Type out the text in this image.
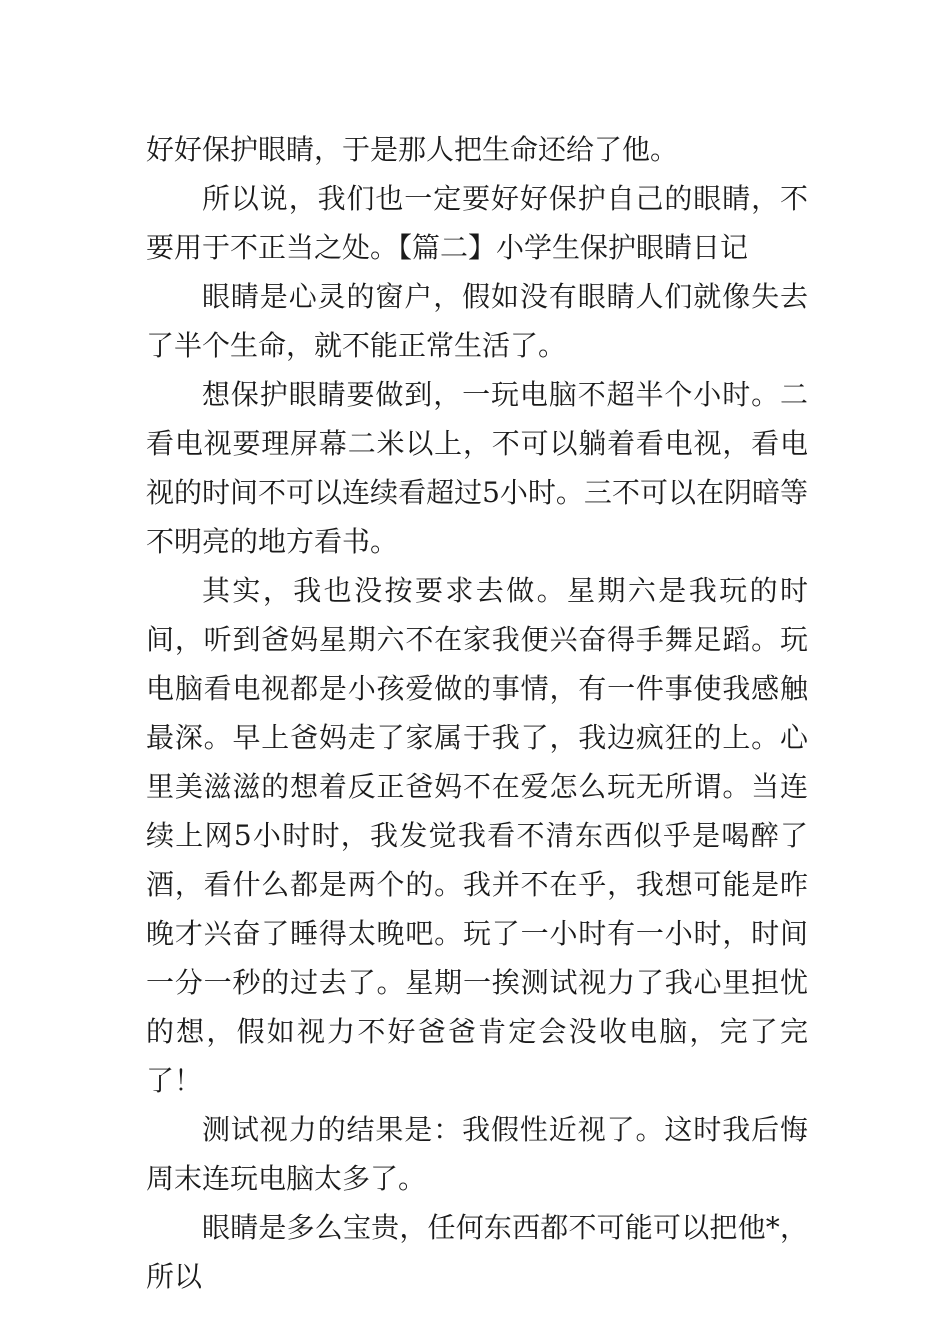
好好保护眼睛，于是那人把生命还给了他。

所以说，我们也一定要好好保护自己的眼睛，不要用于不正当之处。【篇二】小学生保护眼睛日记

眼睛是心灵的窗户，假如没有眼睛人们就像失去了半个生命，就不能正常生活了。

想保护眼睛要做到，一玩电脑不超半个小时。二看电视要理屏幕二米以上，不可以躺着看电视，看电视的时间不可以连续看超过5小时。三不可以在阴暗等不明亮的地方看书。

其实，我也没按要求去做。星期六是我玩的时间，听到爸妈星期六不在家我便兴奋得手舞足蹈。玩电脑看电视都是小孩爱做的事情，有一件事使我感触最深。早上爸妈走了家属于我了，我边疯狂的上。心里美滋滋的想着反正爸妈不在爱怎么玩无所谓。当连续上网5小时时，我发觉我看不清东西似乎是喝醉了酒，看什么都是两个的。我并不在乎，我想可能是昨晚才兴奋了睡得太晚吧。玩了一小时有一小时，时间一分一秒的过去了。星期一挨测试视力了我心里担忧的想，假如视力不好爸爸肯定会没收电脑，完了完了！

测试视力的结果是：我假性近视了。这时我后悔周末连玩电脑太多了。

眼睛是多么宝贵，任何东西都不可能可以把他*，所以
